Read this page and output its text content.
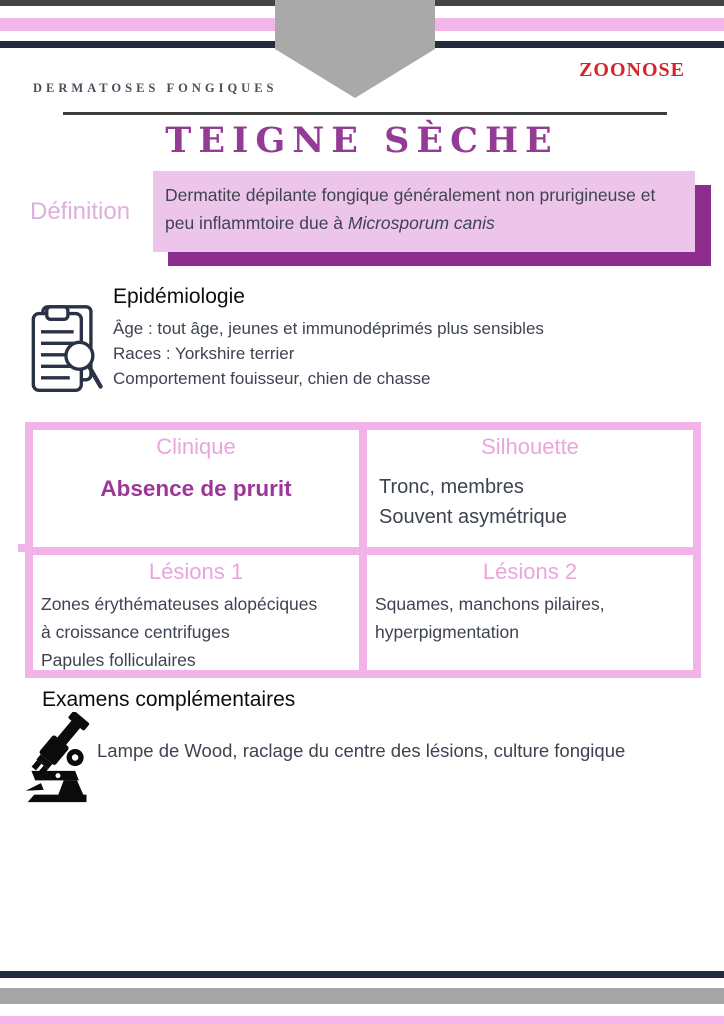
DERMATOSES FONGIQUES
ZOONOSE
TEIGNE SÈCHE
Définition
Dermatite dépilante fongique généralement non prurigineuse et peu inflammtoire due à Microsporum canis
Epidémiologie
Âge : tout âge, jeunes et immunodéprimés plus sensibles
Races : Yorkshire terrier
Comportement fouisseur, chien de chasse
Clinique
Absence de prurit
Silhouette
Tronc, membres
Souvent asymétrique
Lésions 1
Zones érythémateuses alopéciques
à croissance centrifuges
Papules folliculaires
Lésions 2
Squames, manchons pilaires,
hyperpigmentation
Examens complémentaires
Lampe de Wood, raclage du centre des lésions, culture fongique
